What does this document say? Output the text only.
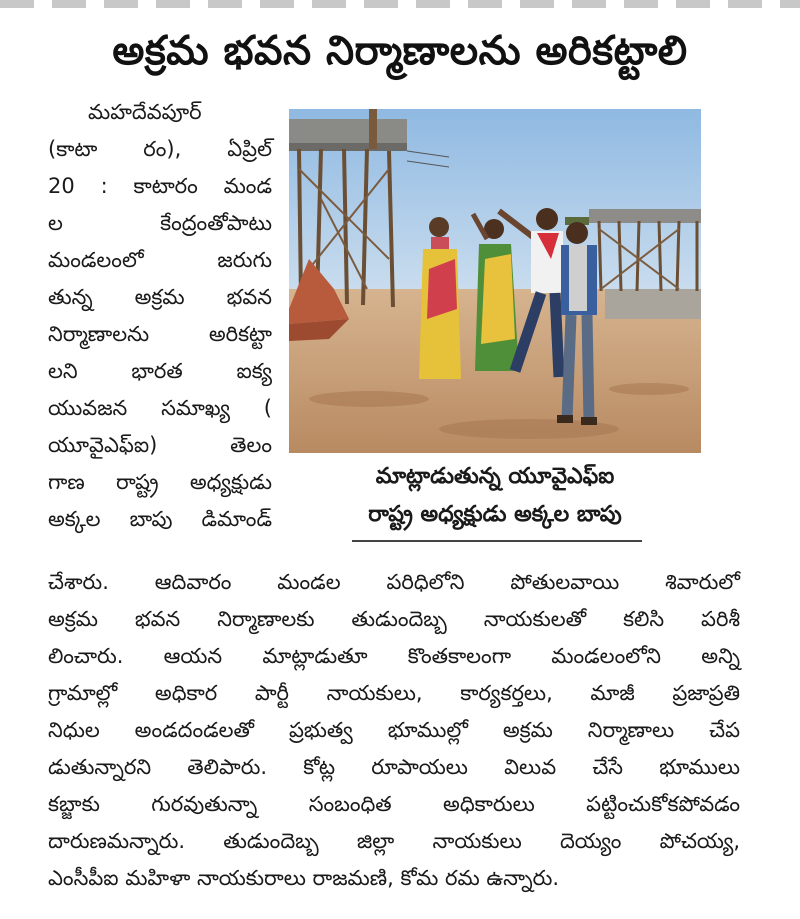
అక్రమ భవన నిర్మాణాలను అరికట్టాలి
మహదేవపూర్
(కాటా రం), ఏప్రిల్
20 : కాటారం మండ
ల కేంద్రంతోపాటు
మండలంలో జరుగు
తున్న అక్రమ భవన
నిర్మాణాలను అరికట్టా
లని భారత ఐక్య
యువజన సమాఖ్య (
యూవైఎఫ్ఐ) తెలం
గాణ రాష్ట్ర అధ్యక్షుడు
అక్కల బాపు డిమాండ్
మాట్లాడుతున్న యూవైఎఫ్ఐ
రాష్ట్ర అధ్యక్షుడు అక్కల బాపు
చేశారు. ఆదివారం మండల పరిధిలోని పోతులవాయి శివారులో
అక్రమ భవన నిర్మాణాలకు తుడుందెబ్బ నాయకులతో కలిసి పరిశీ
లించారు. ఆయన మాట్లాడుతూ కొంతకాలంగా మండలంలోని అన్ని
గ్రామాల్లో అధికార పార్టీ నాయకులు, కార్యకర్తలు, మాజీ ప్రజాప్రతి
నిధుల అండదండలతో ప్రభుత్వ భూముల్లో అక్రమ నిర్మాణాలు చేప
డుతున్నారని తెలిపారు. కోట్ల రూపాయలు విలువ చేసే భూములు
కబ్జాకు గురవుతున్నా సంబంధిత అధికారులు పట్టించుకోకపోవడం
దారుణమన్నారు. తుడుందెబ్బ జిల్లా నాయకులు దెయ్యం పోచయ్య,
ఎంసీపీఐ మహిళా నాయకురాలు రాజమణి, కోమ రమ ఉన్నారు.
